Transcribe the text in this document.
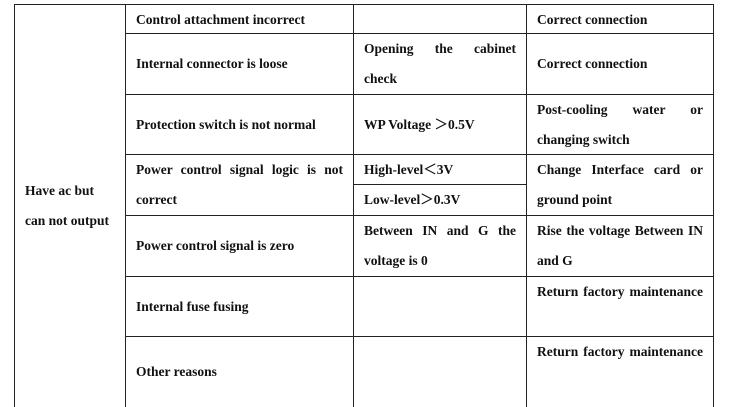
Have ac but can not output
Control attachment incorrect	Correct connection
Internal connector is loose
Opening the cabinet check
Correct connection
Protection switch is not normal	WP Voltage ＞0.5V
Post-cooling water or changing switch
Power control signal logic is not correct
High-level＜3V
Low-level＞0.3V
Change Interface card or ground point
Power control signal is zero
Between IN and G the voltage is 0
Rise the voltage Between IN and G
Internal fuse fusing
Return factory maintenance
Other reasons
Return factory maintenance
